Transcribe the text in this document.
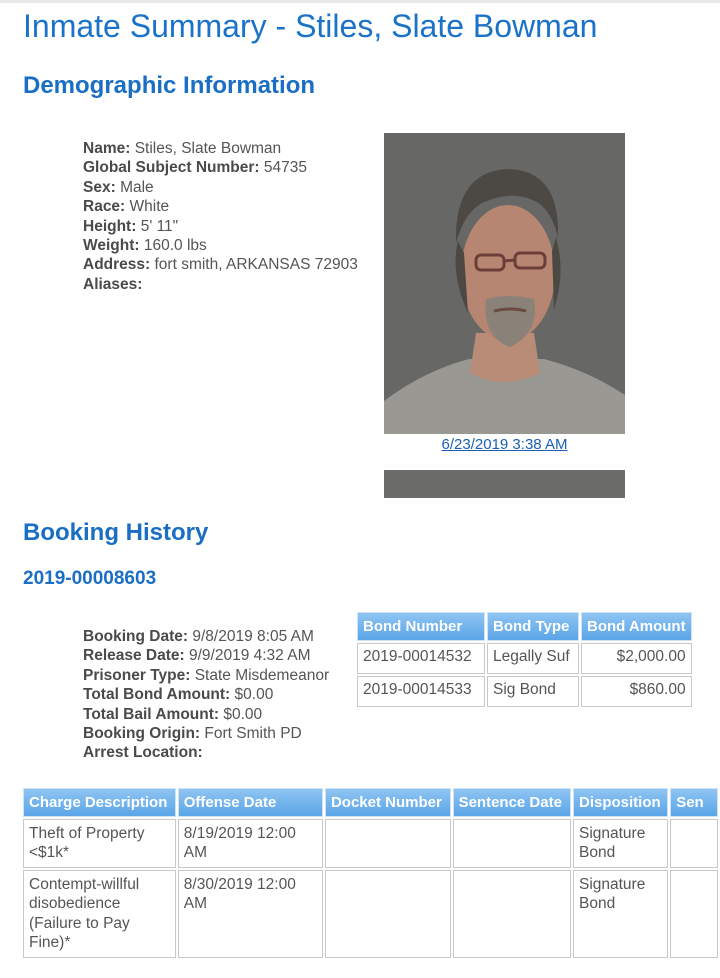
Inmate Summary - Stiles, Slate Bowman
Demographic Information
Name: Stiles, Slate Bowman
Global Subject Number: 54735
Sex: Male
Race: White
Height: 5' 11"
Weight: 160.0 lbs
Address: fort smith, ARKANSAS 72903
Aliases:
6/23/2019 3:38 AM
Booking History
2019-00008603
Booking Date: 9/8/2019 8:05 AM
Release Date: 9/9/2019 4:32 AM
Prisoner Type: State Misdemeanor
Total Bond Amount: $0.00
Total Bail Amount: $0.00
Booking Origin: Fort Smith PD
Arrest Location:
Bond Number	Bond Type	Bond Amount
2019-00014532	Legally Suf	$2,000.00
2019-00014533	Sig Bond	$860.00
Charge Description	Offense Date	Docket Number	Sentence Date	Disposition	Sen
Theft of Property <$1k*	8/19/2019 12:00 AM			Signature Bond	
Contempt-willful disobedience (Failure to Pay Fine)*	8/30/2019 12:00 AM			Signature Bond	
